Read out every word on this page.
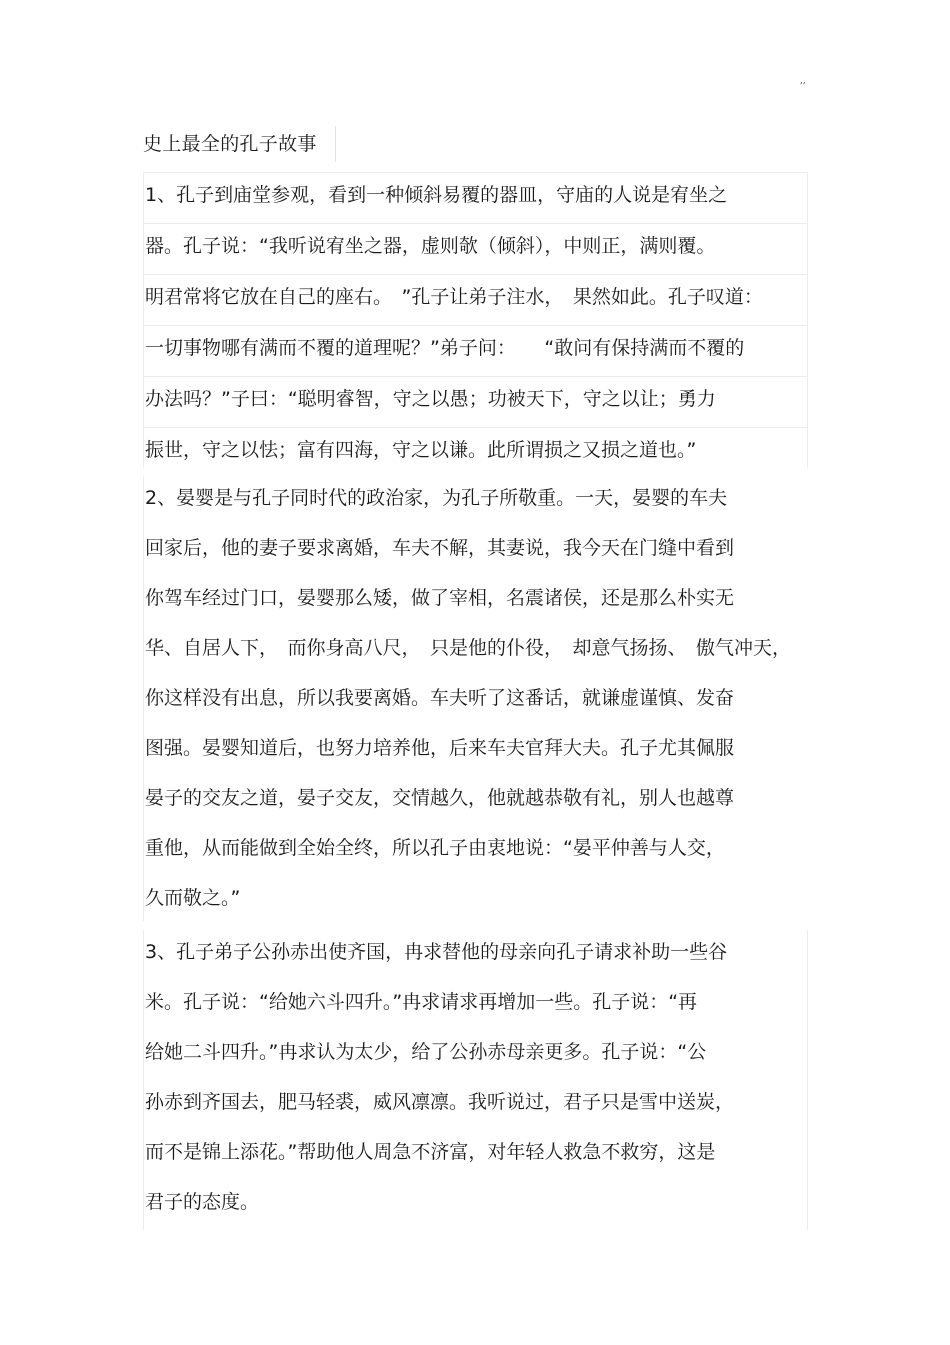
,,
史上最全的孔子故事
1、孔子到庙堂参观，看到一种倾斜易覆的器皿，守庙的人说是宥坐之
器。孔子说：“我听说宥坐之器，虚则欹（倾斜），中则正，满则覆。
明君常将它放在自己的座右。　”孔子让弟子注水，　果然如此。孔子叹道：
一切事物哪有满而不覆的道理呢？”弟子问：　　“敢问有保持满而不覆的
办法吗？”子曰：“聪明睿智，守之以愚；功被天下，守之以让；勇力
振世，守之以怯；富有四海，守之以谦。此所谓损之又损之道也。”
2、晏婴是与孔子同时代的政治家，为孔子所敬重。一天，晏婴的车夫
回家后，他的妻子要求离婚，车夫不解，其妻说，我今天在门缝中看到
你驾车经过门口，晏婴那么矮，做了宰相，名震诸侯，还是那么朴实无
华、自居人下，　而你身高八尺，　只是他的仆役，　却意气扬扬、　傲气冲天，
你这样没有出息，所以我要离婚。车夫听了这番话，就谦虚谨慎、发奋
图强。晏婴知道后，也努力培养他，后来车夫官拜大夫。孔子尤其佩服
晏子的交友之道，晏子交友，交情越久，他就越恭敬有礼，别人也越尊
重他，从而能做到全始全终，所以孔子由衷地说：“晏平仲善与人交，
久而敬之。”
3、孔子弟子公孙赤出使齐国，冉求替他的母亲向孔子请求补助一些谷
米。孔子说：“给她六斗四升。”冉求请求再增加一些。孔子说：“再
给她二斗四升。”冉求认为太少，给了公孙赤母亲更多。孔子说：“公
孙赤到齐国去，肥马轻裘，威风凛凛。我听说过，君子只是雪中送炭，
而不是锦上添花。”帮助他人周急不济富，对年轻人救急不救穷，这是
君子的态度。
